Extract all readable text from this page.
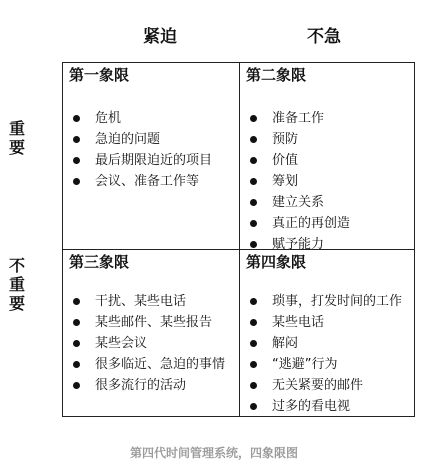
紧迫	不急
重要
不重要
第一象限
危机
急迫的问题
最后期限迫近的项目
会议、准备工作等
第二象限
准备工作
预防
价值
筹划
建立关系
真正的再创造
赋予能力
第三象限
干扰、某些电话
某些邮件、某些报告
某些会议
很多临近、急迫的事情
很多流行的活动
第四象限
琐事，打发时间的工作
某些电话
解闷
“逃避”行为
无关紧要的邮件
过多的看电视
第四代时间管理系统，四象限图
